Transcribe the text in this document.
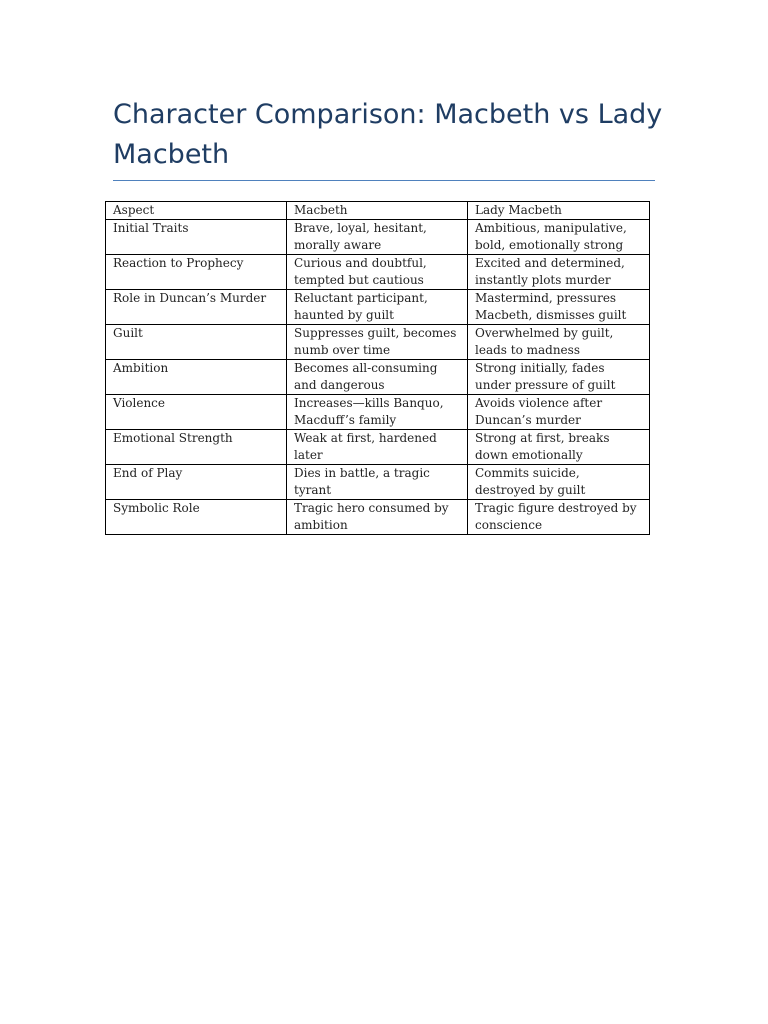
Character Comparison: Macbeth vs Lady Macbeth
Aspect	Macbeth	Lady Macbeth
Initial Traits	Brave, loyal, hesitant, morally aware	Ambitious, manipulative, bold, emotionally strong
Reaction to Prophecy	Curious and doubtful, tempted but cautious	Excited and determined, instantly plots murder
Role in Duncan’s Murder	Reluctant participant, haunted by guilt	Mastermind, pressures Macbeth, dismisses guilt
Guilt	Suppresses guilt, becomes numb over time	Overwhelmed by guilt, leads to madness
Ambition	Becomes all-consuming and dangerous	Strong initially, fades under pressure of guilt
Violence	Increases—kills Banquo, Macduff’s family	Avoids violence after Duncan’s murder
Emotional Strength	Weak at first, hardened later	Strong at first, breaks down emotionally
End of Play	Dies in battle, a tragic tyrant	Commits suicide, destroyed by guilt
Symbolic Role	Tragic hero consumed by ambition	Tragic figure destroyed by conscience
